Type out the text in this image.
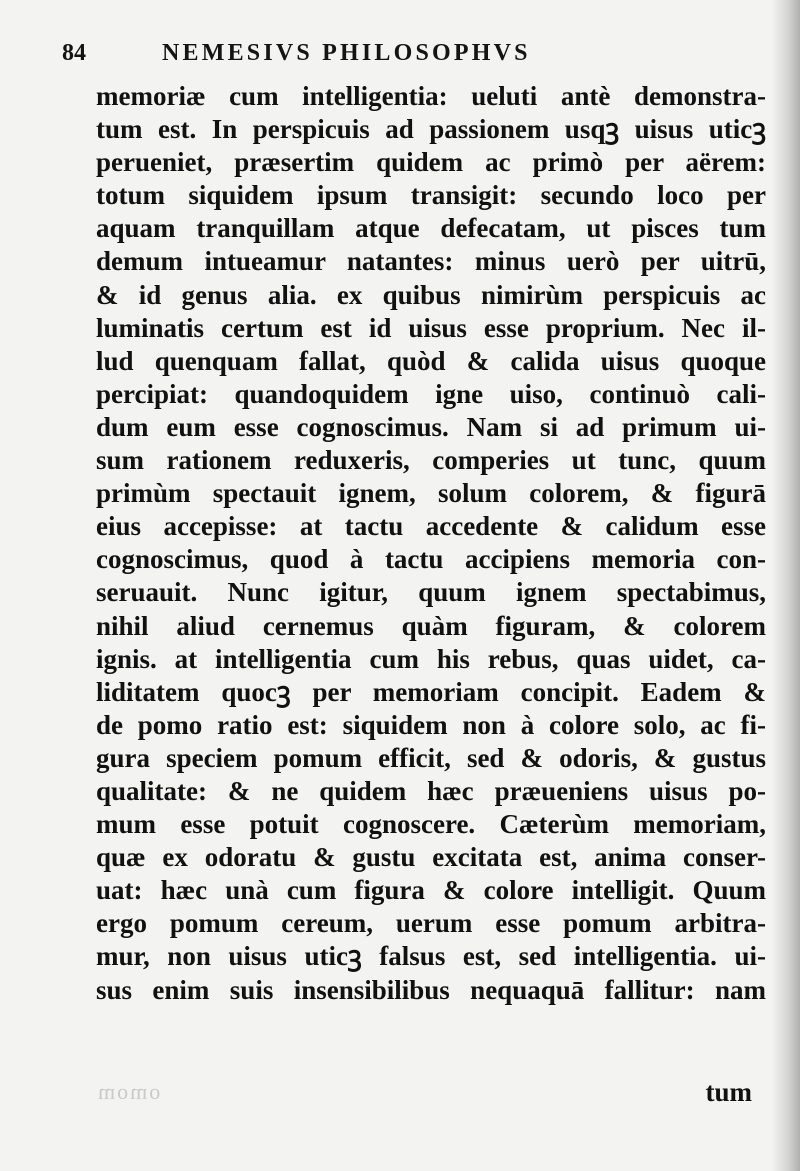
84	NEMESIVS PHILOSOPHVS
memoriæ cum intelligentia: ueluti antè demonstra-
tum est. In perspicuis ad passionem usqꝫ uisus uticꝫ
perueniet, præsertim quidem ac primò per aërem:
totum siquidem ipsum transigit: secundo loco per
aquam tranquillam atque defecatam, ut pisces tum
demum intueamur natantes: minus uerò per uitrū,
& id genus alia. ex quibus nimirùm perspicuis ac
luminatis certum est id uisus esse proprium. Nec il-
lud quenquam fallat, quòd & calida uisus quoque
percipiat: quandoquidem igne uiso, continuò cali-
dum eum esse cognoscimus. Nam si ad primum ui-
sum rationem reduxeris, comperies ut tunc, quum
primùm spectauit ignem, solum colorem, & figurā
eius accepisse: at tactu accedente & calidum esse
cognoscimus, quod à tactu accipiens memoria con-
seruauit. Nunc igitur, quum ignem spectabimus,
nihil aliud cernemus quàm figuram, & colorem
ignis. at intelligentia cum his rebus, quas uidet, ca-
liditatem quocꝫ per memoriam concipit. Eadem &
de pomo ratio est: siquidem non à colore solo, ac fi-
gura speciem pomum efficit, sed & odoris, & gustus
qualitate: & ne quidem hæc præueniens uisus po-
mum esse potuit cognoscere. Cæterùm memoriam,
quæ ex odoratu & gustu excitata est, anima conser-
uat: hæc unà cum figura & colore intelligit. Quum
ergo pomum cereum, uerum esse pomum arbitra-
mur, non uisus uticꝫ falsus est, sed intelligentia. ui-
sus enim suis insensibilibus nequaquā fallitur: nam
omom	tum
